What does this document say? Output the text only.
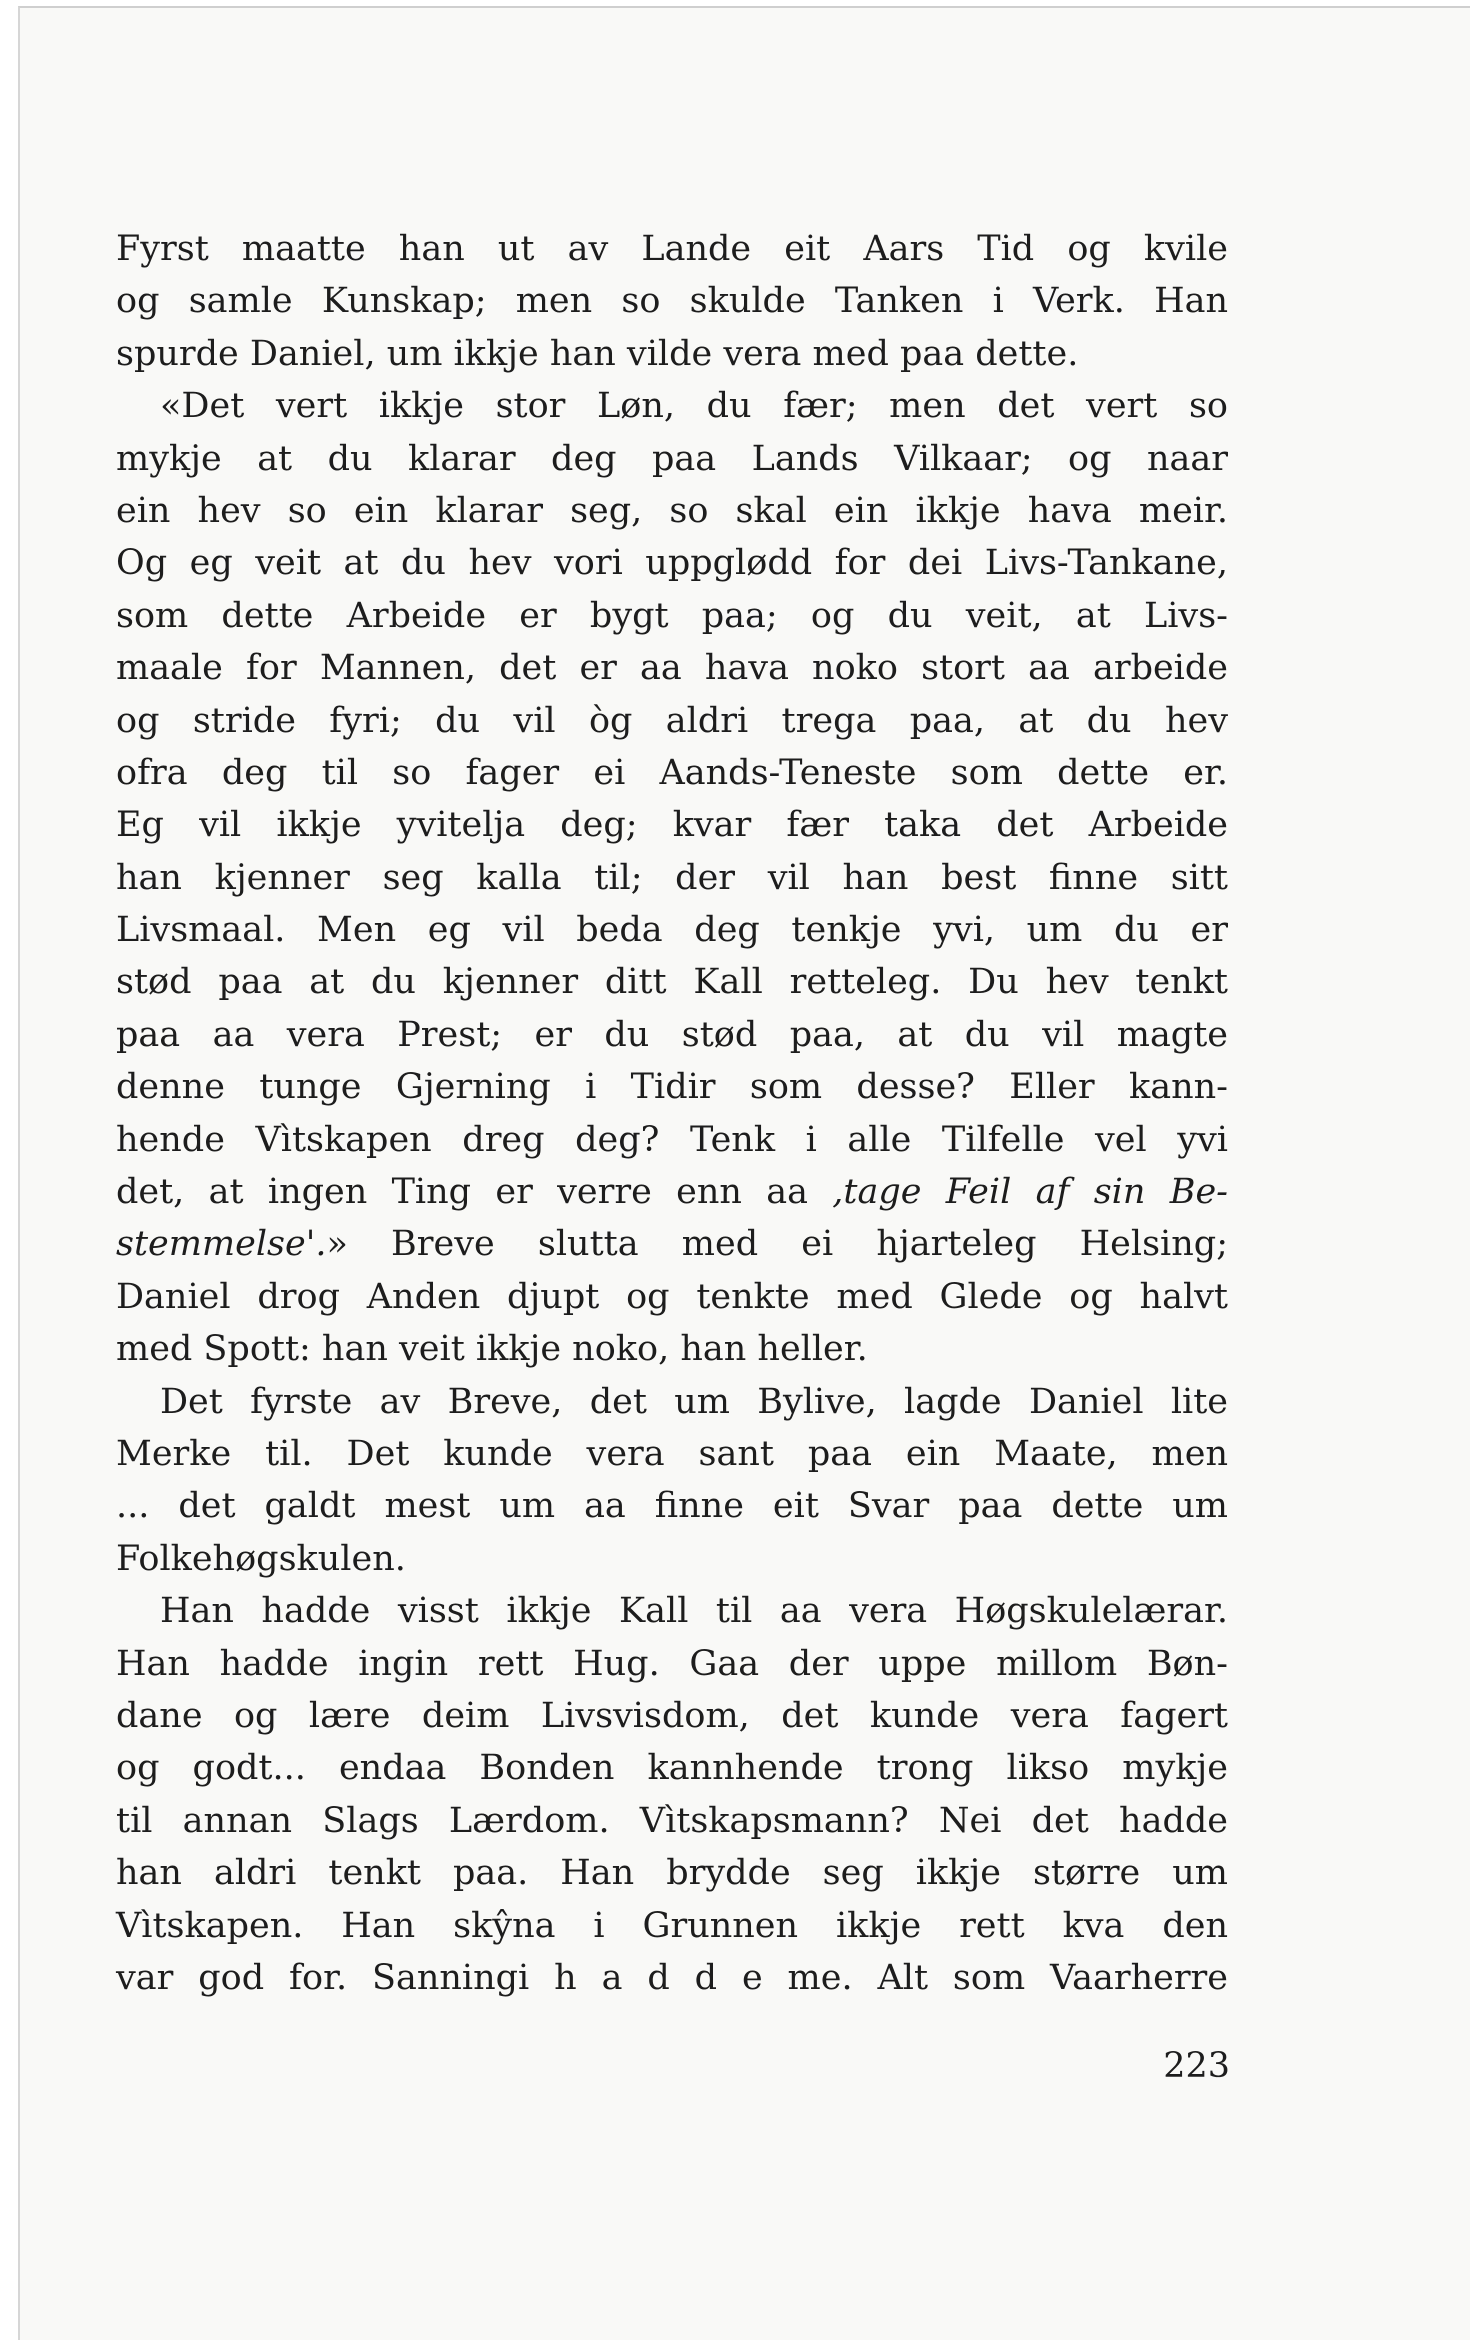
Fyrst maatte han ut av Lande eit Aars Tid og kvile
og samle Kunskap; men so skulde Tanken i Verk. Han
spurde Daniel, um ikkje han vilde vera med paa dette.
«Det vert ikkje stor Løn, du fær; men det vert so
mykje at du klarar deg paa Lands Vilkaar; og naar
ein hev so ein klarar seg, so skal ein ikkje hava meir.
Og eg veit at du hev vori uppglødd for dei Livs-Tankane,
som dette Arbeide er bygt paa; og du veit, at Livs-
maale for Mannen, det er aa hava noko stort aa arbeide
og stride fyri; du vil òg aldri trega paa, at du hev
ofra deg til so fager ei Aands-Teneste som dette er.
Eg vil ikkje yvitelja deg; kvar fær taka det Arbeide
han kjenner seg kalla til; der vil han best finne sitt
Livsmaal. Men eg vil beda deg tenkje yvi, um du er
stød paa at du kjenner ditt Kall retteleg. Du hev tenkt
paa aa vera Prest; er du stød paa, at du vil magte
denne tunge Gjerning i Tidir som desse? Eller kann-
hende Vìtskapen dreg deg? Tenk i alle Tilfelle vel yvi
det, at ingen Ting er verre enn aa ,tage Feil af sin Be-
stemmelse'.» Breve slutta med ei hjarteleg Helsing;
Daniel drog Anden djupt og tenkte med Glede og halvt
med Spott: han veit ikkje noko, han heller.
Det fyrste av Breve, det um Bylive, lagde Daniel lite
Merke til. Det kunde vera sant paa ein Maate, men
... det galdt mest um aa finne eit Svar paa dette um
Folkehøgskulen.
Han hadde visst ikkje Kall til aa vera Høgskulelærar.
Han hadde ingin rett Hug. Gaa der uppe millom Bøn-
dane og lære deim Livsvisdom, det kunde vera fagert
og godt... endaa Bonden kannhende trong likso mykje
til annan Slags Lærdom. Vìtskapsmann? Nei det hadde
han aldri tenkt paa. Han brydde seg ikkje større um
Vìtskapen. Han skŷna i Grunnen ikkje rett kva den
var god for. Sanningi h a d d e me. Alt som Vaarherre
223
